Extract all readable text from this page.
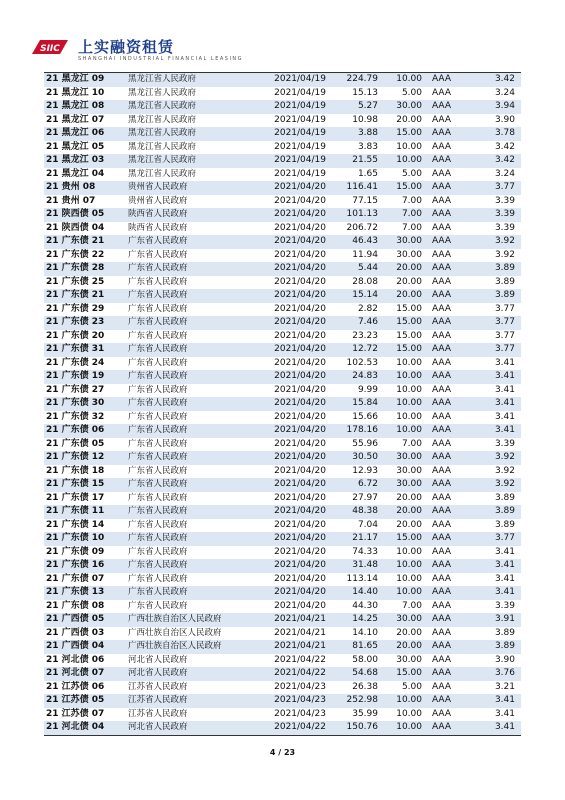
SIIC 上实融资租赁
SHANGHAI INDUSTRIAL FINANCIAL LEASING
21 黑龙江 09	黑龙江省人民政府	2021/04/19	224.79	10.00	AAA	3.42
21 黑龙江 10	黑龙江省人民政府	2021/04/19	15.13	5.00	AAA	3.24
21 黑龙江 08	黑龙江省人民政府	2021/04/19	5.27	30.00	AAA	3.94
21 黑龙江 07	黑龙江省人民政府	2021/04/19	10.98	20.00	AAA	3.90
21 黑龙江 06	黑龙江省人民政府	2021/04/19	3.88	15.00	AAA	3.78
21 黑龙江 05	黑龙江省人民政府	2021/04/19	3.83	10.00	AAA	3.42
21 黑龙江 03	黑龙江省人民政府	2021/04/19	21.55	10.00	AAA	3.42
21 黑龙江 04	黑龙江省人民政府	2021/04/19	1.65	5.00	AAA	3.24
21 贵州 08	贵州省人民政府	2021/04/20	116.41	15.00	AAA	3.77
21 贵州 07	贵州省人民政府	2021/04/20	77.15	7.00	AAA	3.39
21 陕西债 05	陕西省人民政府	2021/04/20	101.13	7.00	AAA	3.39
21 陕西债 04	陕西省人民政府	2021/04/20	206.72	7.00	AAA	3.39
21 广东债 21	广东省人民政府	2021/04/20	46.43	30.00	AAA	3.92
21 广东债 22	广东省人民政府	2021/04/20	11.94	30.00	AAA	3.92
21 广东债 28	广东省人民政府	2021/04/20	5.44	20.00	AAA	3.89
21 广东债 25	广东省人民政府	2021/04/20	28.08	20.00	AAA	3.89
21 广东债 21	广东省人民政府	2021/04/20	15.14	20.00	AAA	3.89
21 广东债 29	广东省人民政府	2021/04/20	2.82	15.00	AAA	3.77
21 广东债 23	广东省人民政府	2021/04/20	7.46	15.00	AAA	3.77
21 广东债 20	广东省人民政府	2021/04/20	23.23	15.00	AAA	3.77
21 广东债 31	广东省人民政府	2021/04/20	12.72	15.00	AAA	3.77
21 广东债 24	广东省人民政府	2021/04/20	102.53	10.00	AAA	3.41
21 广东债 19	广东省人民政府	2021/04/20	24.83	10.00	AAA	3.41
21 广东债 27	广东省人民政府	2021/04/20	9.99	10.00	AAA	3.41
21 广东债 30	广东省人民政府	2021/04/20	15.84	10.00	AAA	3.41
21 广东债 32	广东省人民政府	2021/04/20	15.66	10.00	AAA	3.41
21 广东债 06	广东省人民政府	2021/04/20	178.16	10.00	AAA	3.41
21 广东债 05	广东省人民政府	2021/04/20	55.96	7.00	AAA	3.39
21 广东债 12	广东省人民政府	2021/04/20	30.50	30.00	AAA	3.92
21 广东债 18	广东省人民政府	2021/04/20	12.93	30.00	AAA	3.92
21 广东债 15	广东省人民政府	2021/04/20	6.72	30.00	AAA	3.92
21 广东债 17	广东省人民政府	2021/04/20	27.97	20.00	AAA	3.89
21 广东债 11	广东省人民政府	2021/04/20	48.38	20.00	AAA	3.89
21 广东债 14	广东省人民政府	2021/04/20	7.04	20.00	AAA	3.89
21 广东债 10	广东省人民政府	2021/04/20	21.17	15.00	AAA	3.77
21 广东债 09	广东省人民政府	2021/04/20	74.33	10.00	AAA	3.41
21 广东债 16	广东省人民政府	2021/04/20	31.48	10.00	AAA	3.41
21 广东债 07	广东省人民政府	2021/04/20	113.14	10.00	AAA	3.41
21 广东债 13	广东省人民政府	2021/04/20	14.40	10.00	AAA	3.41
21 广东债 08	广东省人民政府	2021/04/20	44.30	7.00	AAA	3.39
21 广西债 05	广西壮族自治区人民政府	2021/04/21	14.25	30.00	AAA	3.91
21 广西债 03	广西壮族自治区人民政府	2021/04/21	14.10	20.00	AAA	3.89
21 广西债 04	广西壮族自治区人民政府	2021/04/21	81.65	20.00	AAA	3.89
21 河北债 06	河北省人民政府	2021/04/22	58.00	30.00	AAA	3.90
21 河北债 07	河北省人民政府	2021/04/22	54.68	15.00	AAA	3.76
21 江苏债 06	江苏省人民政府	2021/04/23	26.38	5.00	AAA	3.21
21 江苏债 05	江苏省人民政府	2021/04/23	252.98	10.00	AAA	3.41
21 江苏债 07	江苏省人民政府	2021/04/23	35.99	10.00	AAA	3.41
21 河北债 04	河北省人民政府	2021/04/22	150.76	10.00	AAA	3.41
4 / 23
